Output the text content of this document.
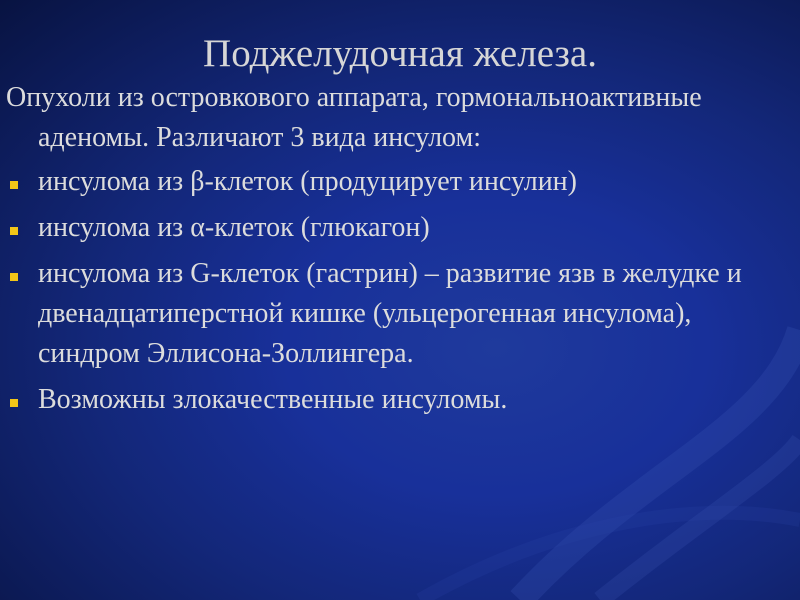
Поджелудочная железа.

Опухоли из островкового аппарата, гормональноактивные аденомы. Различают 3 вида инсулом:

инсулома из β-клеток (продуцирует инсулин)
инсулома из α-клеток (глюкагон)
инсулома из G-клеток (гастрин) – развитие язв в желудке и двенадцатиперстной кишке (ульцерогенная инсулома), синдром Эллисона-Золлингера.
Возможны злокачественные инсуломы.
